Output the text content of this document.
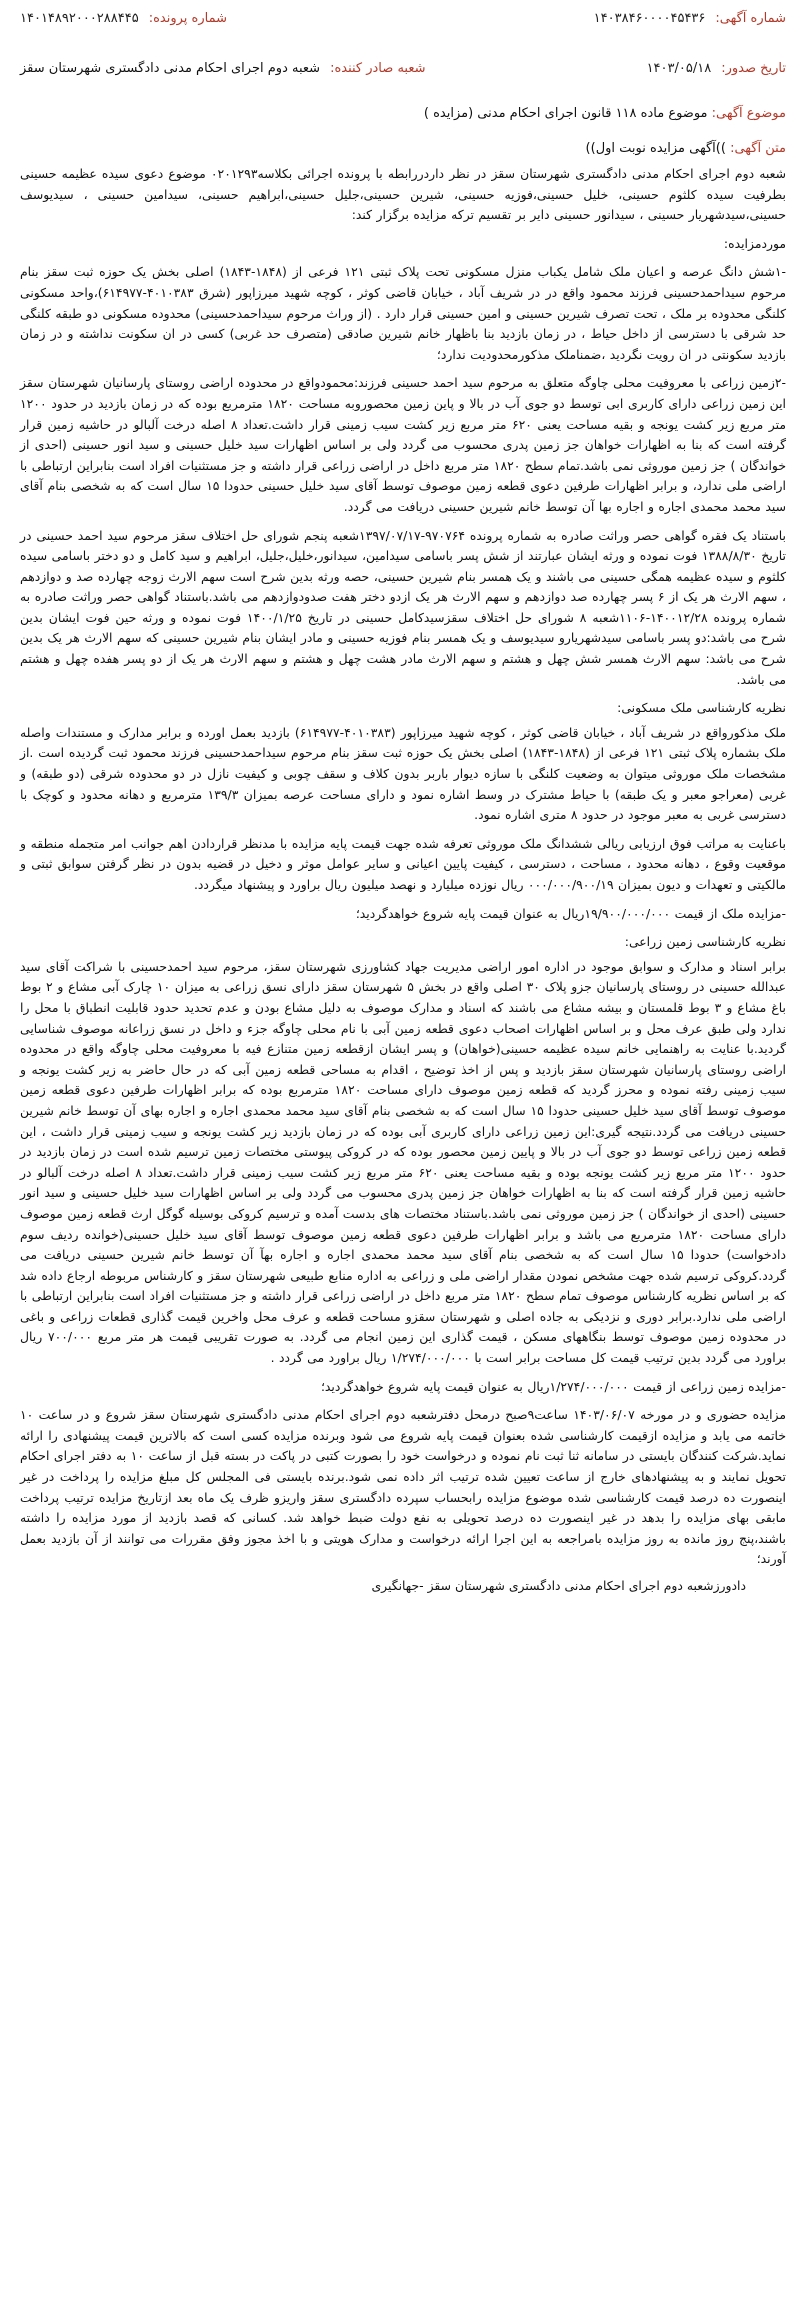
شماره آگهی:
۱۴۰۳۸۴۶۰۰۰۰۴۵۴۳۶
شماره پرونده:
۱۴۰۱۴۸۹۲۰۰۰۲۸۸۴۴۵
تاریخ صدور:
۱۴۰۳/۰۵/۱۸
شعبه صادر کننده:
شعبه دوم اجرای احکام مدنی دادگستری شهرستان سقز
موضوع آگهی: موضوع ماده ۱۱۸ قانون اجرای احکام مدنی (مزایده )
متن آگهی: ))آگهی مزایده نوبت اول))

شعبه دوم اجرای احکام مدنی دادگستری شهرستان سقز در نظر داردررابطه با پرونده اجرائی بکلاسه۰۲۰۱۲۹۳ موضوع دعوی سیده عظیمه حسینی بطرفیت سیده کلثوم حسینی، خلیل حسینی،فوزیه حسینی، شیرین حسینی،جلیل حسینی،ابراهیم حسینی، سیدامین حسینی ، سیدیوسف حسینی،سیدشهریار حسینی ، سیدانور حسینی دایر بر تقسیم ترکه مزایده برگزار کند:

موردمزایده:

-۱شش دانگ عرصه و اعیان ملک شامل یکباب منزل مسکونی تحت پلاک ثبتی ۱۲۱ فرعی از (۱۸۴۸-۱۸۴۳) اصلی بخش یک حوزه ثبت سقز بنام مرحوم سیداحمدحسینی فرزند محمود واقع در در شریف آباد ، خیابان قاضی کوثر ، کوچه شهید میرزاپور (شرق ۴۰۱۰۳۸۳-۶۱۴۹۷۷)،واحد مسکونی کلنگی محدوده بر ملک ، تحت تصرف شیرین حسینی و امین حسینی قرار دارد . (از وراث مرحوم سیداحمدحسینی) محدوده مسکونی دو طبقه کلنگی حد شرقی با دسترسی از داخل حیاط ، در زمان بازدید بنا باظهار خانم شیرین صادقی (متصرف حد غربی) کسی در ان سکونت نداشته و در زمان بازدید سکونتی در ان رویت نگردید ،ضمناملک مذکورمحدودیت ندارد؛

-۲زمین زراعی با معروفیت محلی چاوگه متعلق به مرحوم سید احمد حسینی فرزند:محمودواقع در محدوده اراضی روستای پارسانیان شهرستان سقز این زمین زراعی دارای کاربری ابی توسط دو جوی آب در بالا و پاین زمین محصوروبه مساحت ۱۸۲۰ مترمربع بوده که در زمان بازدید در حدود ۱۲۰۰ متر مربع زیر کشت یونجه و بقیه مساحت یعنی ۶۲۰ متر مربع زیر کشت سیب زمینی قرار داشت.تعداد ۸ اصله درخت آلبالو در حاشیه زمین قرار گرفته است که بنا به اظهارات خواهان جز زمین پدری محسوب می گردد ولی بر اساس اظهارات سید خلیل حسینی و سید انور حسینی (احدی از خواندگان ) جز زمین موروثی نمی باشد.تمام سطح ۱۸۲۰ متر مربع داخل در اراضی زراعی قرار داشته و جز مستثنیات افراد است بنابراین ارتباطی با اراضی ملی ندارد، و برابر اظهارات طرفین دعوی قطعه زمین موصوف توسط آقای سید خلیل حسینی حدودا ۱۵ سال است که به شخصی بنام آقای سید محمد محمدی اجاره و اجاره بها آن توسط خانم شیرین حسینی دریافت می گردد.

باستناد یک فقره گواهی حصر وراثت صادره به شماره پرونده ۹۷۰۷۶۴-۱۳۹۷/۰۷/۱۷شعبه پنجم شورای حل اختلاف سقز مرحوم سید احمد حسینی در تاریخ ۱۳۸۸/۸/۳۰ فوت نموده و ورثه ایشان عبارتند از شش پسر باسامی سیدامین، سیدانور،خلیل،جلیل، ابراهیم و سید کامل و دو دختر باسامی سیده کلثوم و سیده عظیمه همگی حسینی می باشند و یک همسر بنام شیرین حسینی، حصه ورثه بدین شرح است سهم الارث زوجه چهارده صد و دوازدهم ، سهم الارث هر یک از ۶ پسر چهارده صد دوازدهم و سهم الارث هر یک ازدو دختر هفت صدودوازدهم می باشد.باستناد گواهی حصر وراثت صادره به شماره پرونده ۱۴۰۰۱۲/۲۸-۱۱۰۶شعبه ۸ شورای حل اختلاف سقزسیدکامل حسینی در تاریخ ۱۴۰۰/۱/۲۵ فوت نموده و ورثه حین فوت ایشان بدین شرح می باشد:دو پسر باسامی سیدشهریارو سیدیوسف و یک همسر بنام فوزیه حسینی و مادر ایشان بنام شیرین حسینی که سهم الارث هر یک بدین شرح می باشد: سهم الارث همسر شش چهل و هشتم و سهم الارث مادر هشت چهل و هشتم و سهم الارث هر یک از دو پسر هفده چهل و هشتم می باشد.

نظریه کارشناسی ملک مسکونی:

ملک مذکورواقع در شریف آباد ، خیابان قاضی کوثر ، کوچه شهید میرزاپور (۴۰۱۰۳۸۳-۶۱۴۹۷۷) بازدید بعمل اورده و برابر مدارک و مستندات واصله ملک بشماره پلاک ثبتی ۱۲۱ فرعی از (۱۸۴۸-۱۸۴۳) اصلی بخش یک حوزه ثبت سقز بنام مرحوم سیداحمدحسینی فرزند محمود ثبت گردیده است .از مشخصات ملک موروثی میتوان به وضعیت کلنگی با سازه دیوار باربر بدون کلاف و سقف چوبی و کیفیت نازل در دو محدوده شرقی (دو طبقه) و غربی (معراجو معبر و یک طبقه) با حیاط مشترک در وسط اشاره نمود و دارای مساحت عرصه بمیزان ۱۳۹/۳ مترمربع و دهانه محدود و کوچک با دسترسی غربی به معبر موجود در حدود ۸ متری اشاره نمود.

باعنایت به مراتب فوق ارزیابی ریالی ششدانگ ملک موروثی تعرفه شده جهت قیمت پایه مزایده با مدنظر قراردادن اهم جوانب امر متجمله منطقه و موقعیت وقوع ، دهانه محدود ، مساحت ، دسترسی ، کیفیت پایین اعیانی و سایر عوامل موثر و دخیل در قضیه بدون در نظر گرفتن سوابق ثبتی و مالکیتی و تعهدات و دیون بمیزان ۰۰۰/۰۰۰/۹۰۰/۱۹ ریال نوزده میلیارد و نهصد میلیون ریال براورد و پیشنهاد میگردد.

-مزایده ملک از قیمت ۱۹/۹۰۰/۰۰۰/۰۰۰ریال به عنوان قیمت پایه شروع خواهدگردید؛

نظریه کارشناسی زمین زراعی:

برابر اسناد و مدارک و سوابق موجود در اداره امور اراضی مدیریت جهاد کشاورزی شهرستان سقز، مرحوم سید احمدحسینی با شراکت آقای سید عبدالله حسینی در روستای پارسانیان جزو پلاک ۳۰ اصلی واقع در بخش ۵ شهرستان سقز دارای نسق زراعی به میزان ۱۰ چارک آبی مشاع و ۲ بوط باغ مشاع و ۳ بوط قلمستان و بیشه مشاع می باشند که اسناد و مدارک موصوف به دلیل مشاع بودن و عدم تحدید حدود قابلیت انطباق با محل را ندارد ولی طبق عرف محل و بر اساس اظهارات اصحاب دعوی قطعه زمین آبی با نام محلی چاوگه جزء و داخل در نسق زراعانه موصوف شناسایی گردید.با عنایت به راهنمایی خانم سیده عظیمه حسینی(خواهان) و پسر ایشان ازقطعه زمین متنازع فیه با معروفیت محلی چاوگه واقع در محدوده اراضی روستای پارسانیان شهرستان سقز بازدید و پس از اخذ توضیح ، اقدام به مساحی قطعه زمین آبی که در حال حاضر به زیر کشت یونجه و سیب زمینی رفته نموده و محرز گردید که قطعه زمین موصوف دارای مساحت ۱۸۲۰ مترمربع بوده که برابر اظهارات طرفین دعوی قطعه زمین موصوف توسط آقای سید خلیل حسینی حدودا ۱۵ سال است که به شخصی بنام آقای سید محمد محمدی اجاره و اجاره بهای آن توسط خانم شیرین حسینی دریافت می گردد.نتیجه گیری:این زمین زراعی دارای کاربری آبی بوده که در زمان بازدید زیر کشت یونجه و سیب زمینی قرار داشت ، این قطعه زمین زراعی توسط دو جوی آب در بالا و پایین زمین محصور بوده که در کروکی پیوستی مختصات زمین ترسیم شده است در زمان بازدید در حدود ۱۲۰۰ متر مربع زیر کشت یونجه بوده و بقیه مساحت یعنی ۶۲۰ متر مربع زیر کشت سیب زمینی قرار داشت.تعداد ۸ اصله درخت آلبالو در حاشیه زمین قرار گرفته است که بنا به اظهارات خواهان جز زمین پدری محسوب می گردد ولی بر اساس اظهارات سید خلیل حسینی و سید انور حسینی (احدی از خواندگان ) جز زمین موروثی نمی باشد.باستناد مختصات های بدست آمده و ترسیم کروکی بوسیله گوگل ارث قطعه زمین موصوف دارای مساحت ۱۸۲۰ مترمربع می باشد و برابر اظهارات طرفین دعوی قطعه زمین موصوف توسط آقای سید خلیل حسینی(خوانده ردیف سوم دادخواست) حدودا ۱۵ سال است که به شخصی بنام آقای سید محمد محمدی اجاره و اجاره بهآ آن توسط خانم شیرین حسینی دریافت می گردد.کروکی ترسیم شده جهت مشخص نمودن مقدار اراضی ملی و زراعی به اداره منابع طبیعی شهرستان سقز و کارشناس مربوطه ارجاع داده شد که بر اساس نظریه کارشناس موصوف تمام سطح ۱۸۲۰ متر مربع داخل در اراضی زراعی قرار داشته و جز مستثنیات افراد است بنابراین ارتباطی با اراضی ملی ندارد.برابر دوری و نزدیکی به جاده اصلی و شهرستان سقزو مساحت قطعه و عرف محل واخرین قیمت گذاری قطعات زراعی و باغی در محدوده زمین موصوف توسط بنگاههای مسکن ، قیمت گذاری این زمین انجام می گردد. به صورت تقریبی قیمت هر متر مربع ۷۰۰/۰۰۰ ریال براورد می گردد بدین ترتیب قیمت کل مساحت برابر است با ۱/۲۷۴/۰۰۰/۰۰۰ ریال براورد می گردد .

-مزایده زمین زراعی از قیمت ۱/۲۷۴/۰۰۰/۰۰۰ریال به عنوان قیمت پایه شروع خواهدگردید؛

مزایده حضوری و در مورخه ۱۴۰۳/۰۶/۰۷ ساعت۹صبح درمحل دفترشعبه دوم اجرای احکام مدنی دادگستری شهرستان سقز شروع و در ساعت ۱۰ خاتمه می یابد و مزایده ازقیمت کارشناسی شده بعنوان قیمت پایه شروع می شود وبرنده مزایده کسی است که بالاترین قیمت پیشنهادی را ارائه نماید.شرکت کنندگان بایستی در سامانه ثنا ثبت نام نموده و درخواست خود را بصورت کتبی در پاکت در بسته قبل از ساعت ۱۰ به دفتر اجرای احکام تحویل نمایند و به پیشنهادهای خارج از ساعت تعیین شده ترتیب اثر داده نمی شود.برنده بایستی فی المجلس کل مبلغ مزایده را پرداخت در غیر اینصورت ده درصد قیمت کارشناسی شده موضوع مزایده رابحساب سپرده دادگستری سقز واریزو ظرف یک ماه بعد ازتاریخ مزایده ترتیب پرداخت مابقی بهای مزایده را بدهد در غیر اینصورت ده درصد تحویلی به نفع دولت ضبط خواهد شد. کسانی که قصد بازدید از مورد مزایده را داشته باشند،پنج روز مانده به روز مزایده بامراجعه به این اجرا ارائه درخواست و مدارک هویتی و با اخذ مجوز وفق مقررات می توانند از آن بازدید بعمل آورند؛

دادورزشعبه دوم اجرای احکام مدنی دادگستری شهرستان سقز -جهانگیری
